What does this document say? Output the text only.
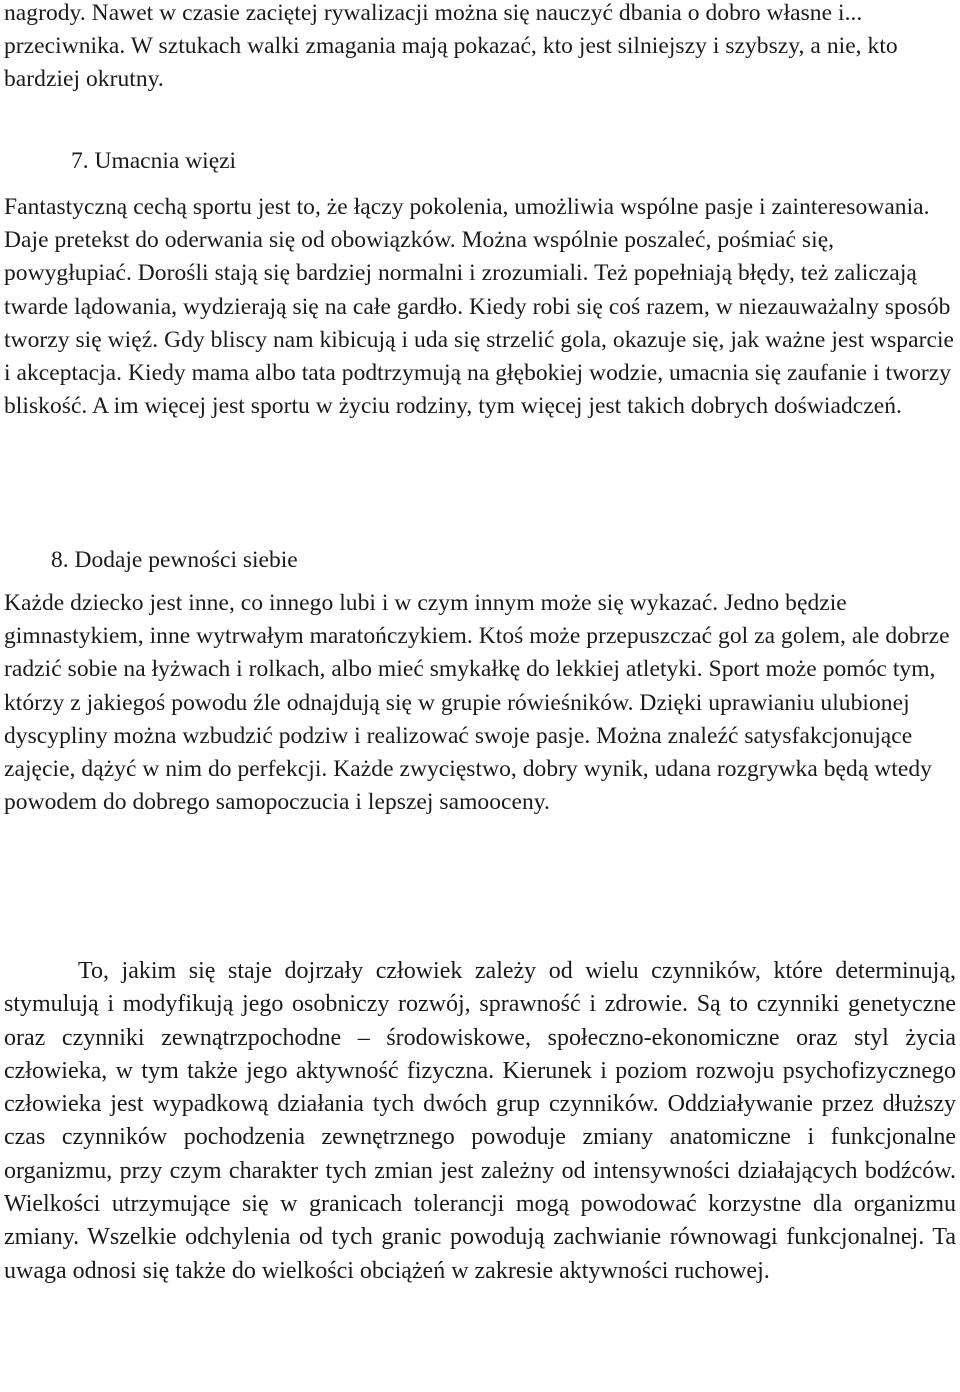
nagrody. Nawet w czasie zaciętej rywalizacji można się nauczyć dbania o dobro własne i... przeciwnika. W sztukach walki zmagania mają pokazać, kto jest silniejszy i szybszy, a nie, kto bardziej okrutny.

7. Umacnia więzi

Fantastyczną cechą sportu jest to, że łączy pokolenia, umożliwia wspólne pasje i zainteresowania. Daje pretekst do oderwania się od obowiązków. Można wspólnie poszaleć, pośmiać się, powygłupiać. Dorośli stają się bardziej normalni i zrozumiali. Też popełniają błędy, też zaliczają twarde lądowania, wydzierają się na całe gardło. Kiedy robi się coś razem, w niezauważalny sposób tworzy się więź. Gdy bliscy nam kibicują i uda się strzelić gola, okazuje się, jak ważne jest wsparcie i akceptacja. Kiedy mama albo tata podtrzymują na głębokiej wodzie, umacnia się zaufanie i tworzy bliskość. A im więcej jest sportu w życiu rodziny, tym więcej jest takich dobrych doświadczeń.

8. Dodaje pewności siebie

Każde dziecko jest inne, co innego lubi i w czym innym może się wykazać. Jedno będzie gimnastykiem, inne wytrwałym maratończykiem. Ktoś może przepuszczać gol za golem, ale dobrze radzić sobie na łyżwach i rolkach, albo mieć smykałkę do lekkiej atletyki. Sport może pomóc tym, którzy z jakiegoś powodu źle odnajdują się w grupie rówieśników. Dzięki uprawianiu ulubionej dyscypliny można wzbudzić podziw i realizować swoje pasje. Można znaleźć satysfakcjonujące zajęcie, dążyć w nim do perfekcji. Każde zwycięstwo, dobry wynik, udana rozgrywka będą wtedy powodem do dobrego samopoczucia i lepszej samooceny.

To, jakim się staje dojrzały człowiek zależy od wielu czynników, które determinują, stymulują i modyfikują jego osobniczy rozwój, sprawność i zdrowie. Są to czynniki genetyczne oraz czynniki zewnątrzpochodne – środowiskowe, społeczno-ekonomiczne oraz styl życia człowieka, w tym także jego aktywność fizyczna. Kierunek i poziom rozwoju psychofizycznego człowieka jest wypadkową działania tych dwóch grup czynników. Oddziaływanie przez dłuższy czas czynników pochodzenia zewnętrznego powoduje zmiany anatomiczne i funkcjonalne organizmu, przy czym charakter tych zmian jest zależny od intensywności działających bodźców. Wielkości utrzymujące się w granicach tolerancji mogą powodować korzystne dla organizmu zmiany. Wszelkie odchylenia od tych granic powodują zachwianie równowagi funkcjonalnej. Ta uwaga odnosi się także do wielkości obciążeń w zakresie aktywności ruchowej.
